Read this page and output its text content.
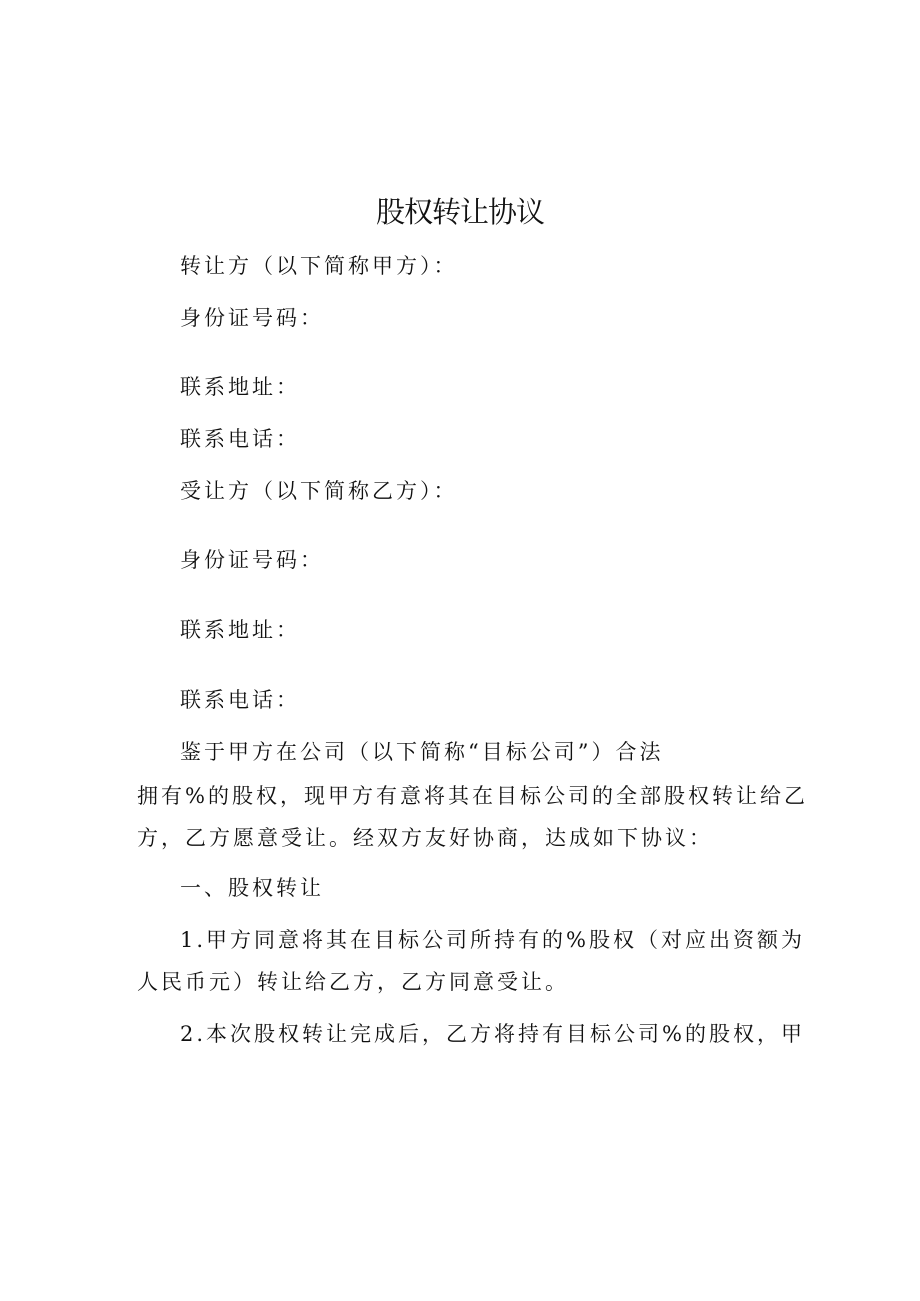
股权转让协议
转让方（以下简称甲方）：
身份证号码：
联系地址：
联系电话：
受让方（以下简称乙方）：
身份证号码：
联系地址：
联系电话：
鉴于甲方在公司（以下简称“目标公司”）合法
拥有%的股权，现甲方有意将其在目标公司的全部股权转让给乙
方，乙方愿意受让。经双方友好协商，达成如下协议：
一、股权转让
1.甲方同意将其在目标公司所持有的%股权（对应出资额为
人民币元）转让给乙方，乙方同意受让。
2.本次股权转让完成后，乙方将持有目标公司%的股权，甲
